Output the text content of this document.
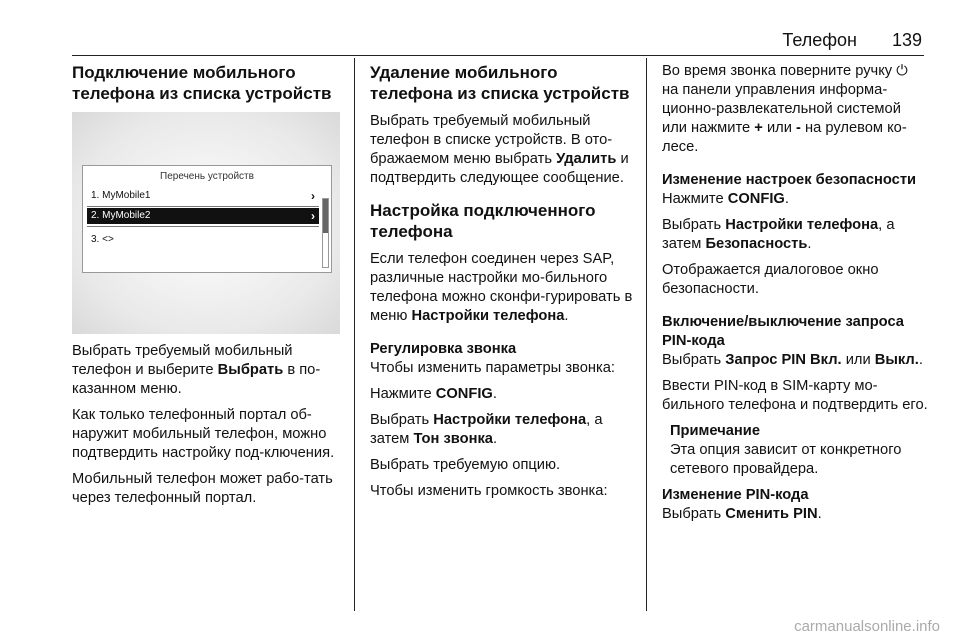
Телефон 139
Подключение мобильного телефона из списка устройств
Перечень устройств
1. MyMobile1	›
2. MyMobile2	›
3. <>

Выбрать требуемый мобильный телефон и выберите Выбрать в по-казанном меню.

Как только телефонный портал об-наружит мобильный телефон, можно подтвердить настройку под-ключения.

Мобильный телефон может рабо-тать через телефонный портал.

Удаление мобильного телефона из списка устройств

Выбрать требуемый мобильный телефон в списке устройств. В ото-бражаемом меню выбрать Удалить и подтвердить следующее сообщение.

Настройка подключенного телефона

Если телефон соединен через SAP, различные настройки мо-бильного телефона можно сконфи-гурировать в меню Настройки телефона.

Регулировка звонка

Чтобы изменить параметры звонка:

Нажмите CONFIG.

Выбрать Настройки телефона, а затем Тон звонка.

Выбрать требуемую опцию.

Чтобы изменить громкость звонка:

Во время звонка поверните ручку ⏻ на панели управления информа-ционно-развлекательной системой или нажмите + или - на рулевом ко-лесе.

Изменение настроек безопасности

Нажмите CONFIG.

Выбрать Настройки телефона, а затем Безопасность.

Отображается диалоговое окно безопасности.

Включение/выключение запроса PIN-кода

Выбрать Запрос PIN Вкл. или Выкл..

Ввести PIN-код в SIM-карту мо-бильного телефона и подтвердить его.

Примечание

Эта опция зависит от конкретного сетевого провайдера.

Изменение PIN-кода

Выбрать Сменить PIN.

carmanualsonline.info
